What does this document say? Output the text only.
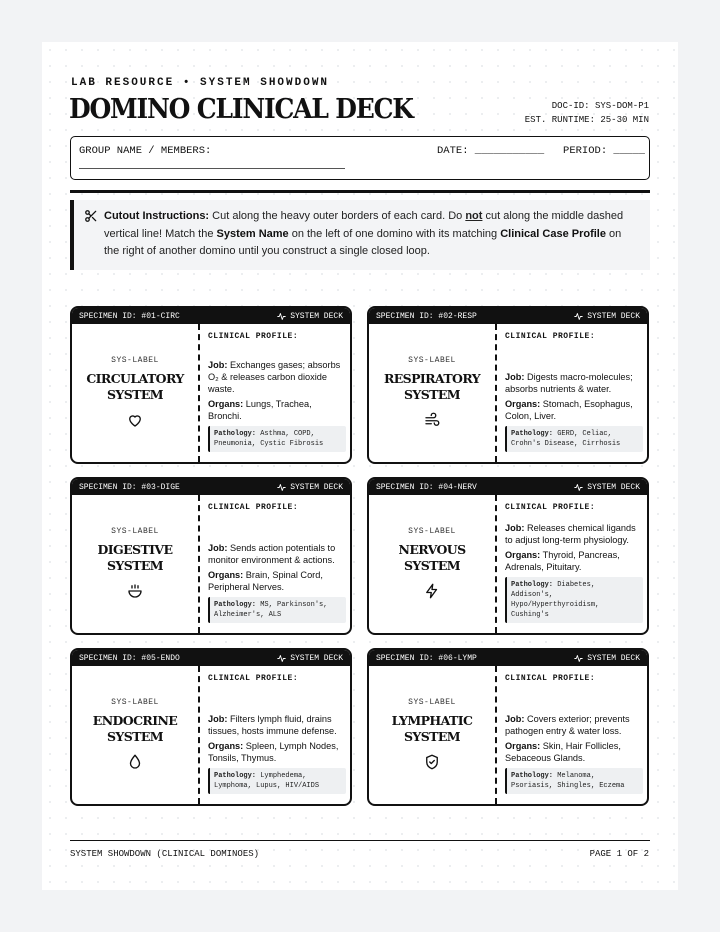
LAB RESOURCE • SYSTEM SHOWDOWN
DOMINO CLINICAL DECK	DOC-ID: SYS-DOM-P1
EST. RUNTIME: 25-30 MIN
GROUP NAME / MEMBERS:	DATE: ___________   PERIOD: _____
Cutout Instructions: Cut along the heavy outer borders of each card. Do not cut along the middle dashed vertical line! Match the System Name on the left of one domino with its matching Clinical Case Profile on the right of another domino until you construct a single closed loop.
SPECIMEN ID: #01-CIRC	SYSTEM DECK
SYS-LABEL
CIRCULATORY SYSTEM
CLINICAL PROFILE:

Job: Exchanges gases; absorbs O₂ & releases carbon dioxide waste.

Organs: Lungs, Trachea, Bronchi.

Pathology: Asthma, COPD, Pneumonia, Cystic Fibrosis
SPECIMEN ID: #02-RESP	SYSTEM DECK
SYS-LABEL
RESPIRATORY SYSTEM
CLINICAL PROFILE:

Job: Digests macro-molecules; absorbs nutrients & water.

Organs: Stomach, Esophagus, Colon, Liver.

Pathology: GERD, Celiac, Crohn's Disease, Cirrhosis
SPECIMEN ID: #03-DIGE	SYSTEM DECK
SYS-LABEL
DIGESTIVE SYSTEM
CLINICAL PROFILE:

Job: Sends action potentials to monitor environment & actions.

Organs: Brain, Spinal Cord, Peripheral Nerves.

Pathology: MS, Parkinson's, Alzheimer's, ALS
SPECIMEN ID: #04-NERV	SYSTEM DECK
SYS-LABEL
NERVOUS SYSTEM
CLINICAL PROFILE:

Job: Releases chemical ligands to adjust long-term physiology.

Organs: Thyroid, Pancreas, Adrenals, Pituitary.

Pathology: Diabetes, Addison's, Hypo/Hyperthyroidism, Cushing's
SPECIMEN ID: #05-ENDO	SYSTEM DECK
SYS-LABEL
ENDOCRINE SYSTEM
CLINICAL PROFILE:

Job: Filters lymph fluid, drains tissues, hosts immune defense.

Organs: Spleen, Lymph Nodes, Tonsils, Thymus.

Pathology: Lymphedema, Lymphoma, Lupus, HIV/AIDS
SPECIMEN ID: #06-LYMP	SYSTEM DECK
SYS-LABEL
LYMPHATIC SYSTEM
CLINICAL PROFILE:

Job: Covers exterior; prevents pathogen entry & water loss.

Organs: Skin, Hair Follicles, Sebaceous Glands.

Pathology: Melanoma, Psoriasis, Shingles, Eczema
SYSTEM SHOWDOWN (CLINICAL DOMINOES)	PAGE 1 OF 2
